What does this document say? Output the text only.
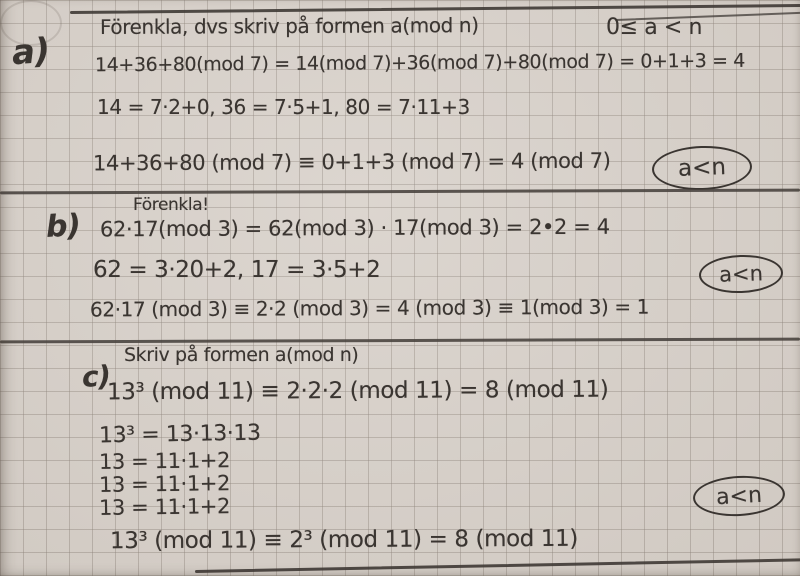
Förenkla, dvs skriv på formen a(mod n)	0≤ a < n
a) 14+36+80(mod 7) = 14(mod 7)+36(mod 7)+80(mod 7) = 0+1+3 = 4
14 = 7·2+0, 36 = 7·5+1, 80 = 7·11+3
14+36+80 (mod 7) ≡ 0+1+3 (mod 7) = 4 (mod 7)	a<n
Förenkla!
b) 62·17(mod 3) = 62(mod 3) · 17(mod 3) = 2•2 = 4
62 = 3·20+2, 17 = 3·5+2	a<n
62·17 (mod 3) ≡ 2·2 (mod 3) = 4 (mod 3) ≡ 1(mod 3) = 1
Skriv på formen a(mod n)
c)
13³ (mod 11) ≡ 2·2·2 (mod 11) = 8 (mod 11)
13³ = 13·13·13
13 = 11·1+2
13 = 11·1+2
13 = 11·1+2	a<n
13³ (mod 11) ≡ 2³ (mod 11) = 8 (mod 11)
